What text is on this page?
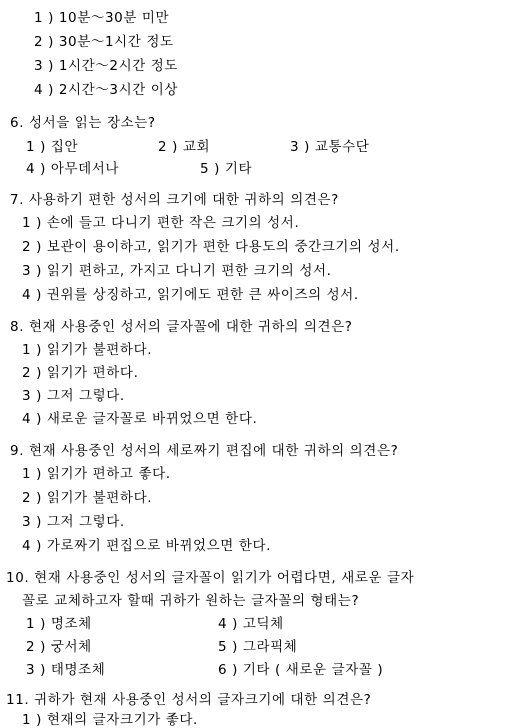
1 ) 10분～30분 미만
2 ) 30분～1시간 정도
3 ) 1시간～2시간 정도
4 ) 2시간～3시간 이상
6. 성서을 읽는 장소는?
1 ) 집안	2 ) 교회	3 ) 교통수단
4 ) 아무데서나	5 ) 기타
7. 사용하기 편한 성서의 크기에 대한 귀하의 의견은?
1 ) 손에 들고 다니기 편한 작은 크기의 성서.
2 ) 보관이 용이하고, 읽기가 편한 다용도의 중간크기의 성서.
3 ) 읽기 편하고, 가지고 다니기 편한 크기의 성서.
4 ) 권위를 상징하고, 읽기에도 편한 큰 싸이즈의 성서.
8. 현재 사용중인 성서의 글자꼴에 대한 귀하의 의견은?
1 ) 읽기가 불편하다.
2 ) 읽기가 편하다.
3 ) 그저 그렇다.
4 ) 새로운 글자꼴로 바뀌었으면 한다.
9. 현재 사용중인 성서의 세로짜기 편집에 대한 귀하의 의견은?
1 ) 읽기가 편하고 좋다.
2 ) 읽기가 불편하다.
3 ) 그저 그렇다.
4 ) 가로짜기 편집으로 바뀌었으면 한다.
10. 현재 사용중인 성서의 글자꼴이 읽기가 어렵다면, 새로운 글자
꼴로 교체하고자 할때 귀하가 원하는 글자꼴의 형태는?
1 ) 명조체	4 ) 고딕체
2 ) 궁서체	5 ) 그라픽체
3 ) 태명조체	6 ) 기타 ( 새로운 글자꼴 )
11. 귀하가 현재 사용중인 성서의 글자크기에 대한 의견은?
1 ) 현재의 글자크기가 좋다.
